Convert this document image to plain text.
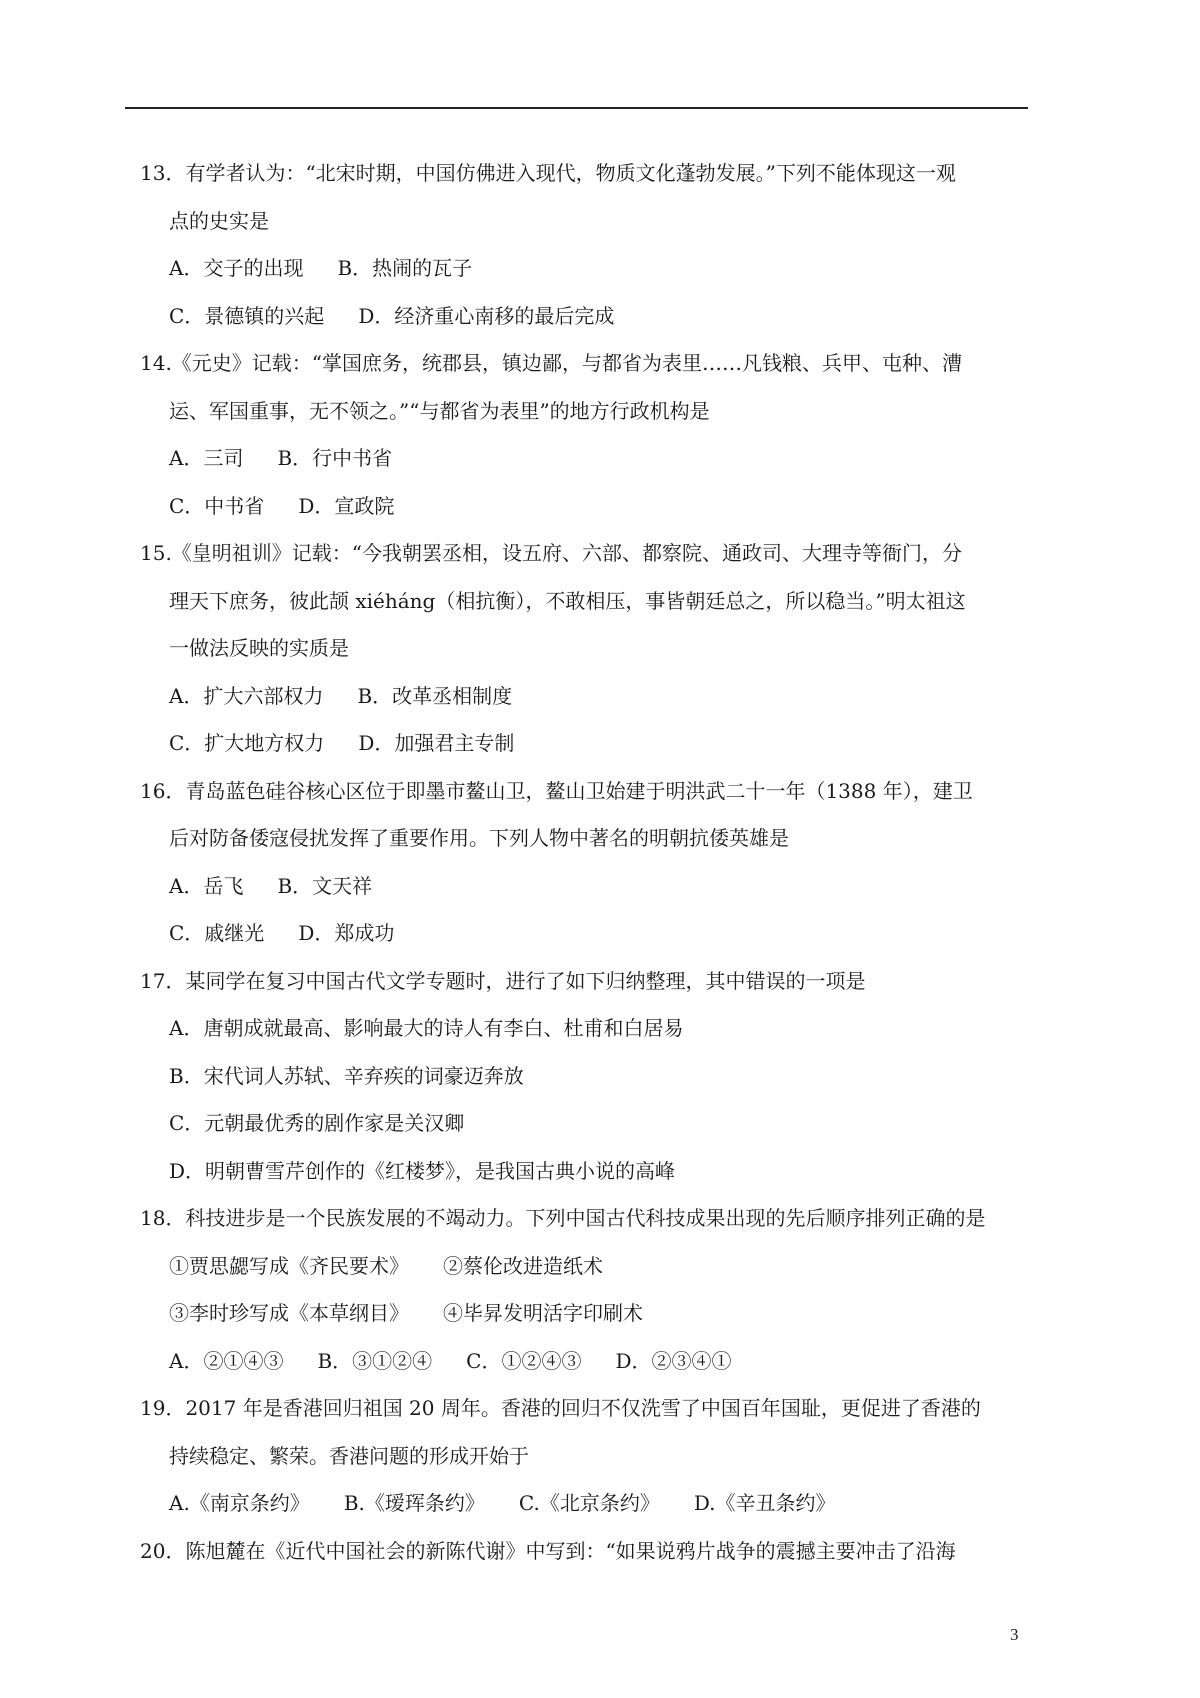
13．有学者认为：“北宋时期，中国仿佛进入现代，物质文化蓬勃发展。”下列不能体现这一观
点的史实是
A．交子的出现 B．热闹的瓦子
C．景德镇的兴起 D．经济重心南移的最后完成
14.《元史》记载：“掌国庶务，统郡县，镇边鄙，与都省为表里……凡钱粮、兵甲、屯种、漕
运、军国重事，无不领之。”“与都省为表里”的地方行政机构是
A．三司 B．行中书省
C．中书省 D．宣政院
15.《皇明祖训》记载：“今我朝罢丞相，设五府、六部、都察院、通政司、大理寺等衙门，分
理天下庶务，彼此颉 xiéháng（相抗衡），不敢相压，事皆朝廷总之，所以稳当。”明太祖这
一做法反映的实质是
A．扩大六部权力 B．改革丞相制度
C．扩大地方权力 D．加强君主专制
16．青岛蓝色硅谷核心区位于即墨市鳌山卫，鳌山卫始建于明洪武二十一年（1388 年），建卫
后对防备倭寇侵扰发挥了重要作用。下列人物中著名的明朝抗倭英雄是
A．岳飞 B．文天祥
C．戚继光 D．郑成功
17．某同学在复习中国古代文学专题时，进行了如下归纳整理，其中错误的一项是
A．唐朝成就最高、影响最大的诗人有李白、杜甫和白居易
B．宋代词人苏轼、辛弃疾的词豪迈奔放
C．元朝最优秀的剧作家是关汉卿
D．明朝曹雪芹创作的《红楼梦》，是我国古典小说的高峰
18．科技进步是一个民族发展的不竭动力。下列中国古代科技成果出现的先后顺序排列正确的是
①贾思勰写成《齐民要术》 ②蔡伦改进造纸术
③李时珍写成《本草纲目》 ④毕昇发明活字印刷术
A．②①④③ B．③①②④ C．①②④③ D．②③④①
19．2017 年是香港回归祖国 20 周年。香港的回归不仅洗雪了中国百年国耻，更促进了香港的
持续稳定、繁荣。香港问题的形成开始于
A.《南京条约》 B.《瑷珲条约》 C.《北京条约》 D.《辛丑条约》
20．陈旭麓在《近代中国社会的新陈代谢》中写到：“如果说鸦片战争的震撼主要冲击了沿海
3
